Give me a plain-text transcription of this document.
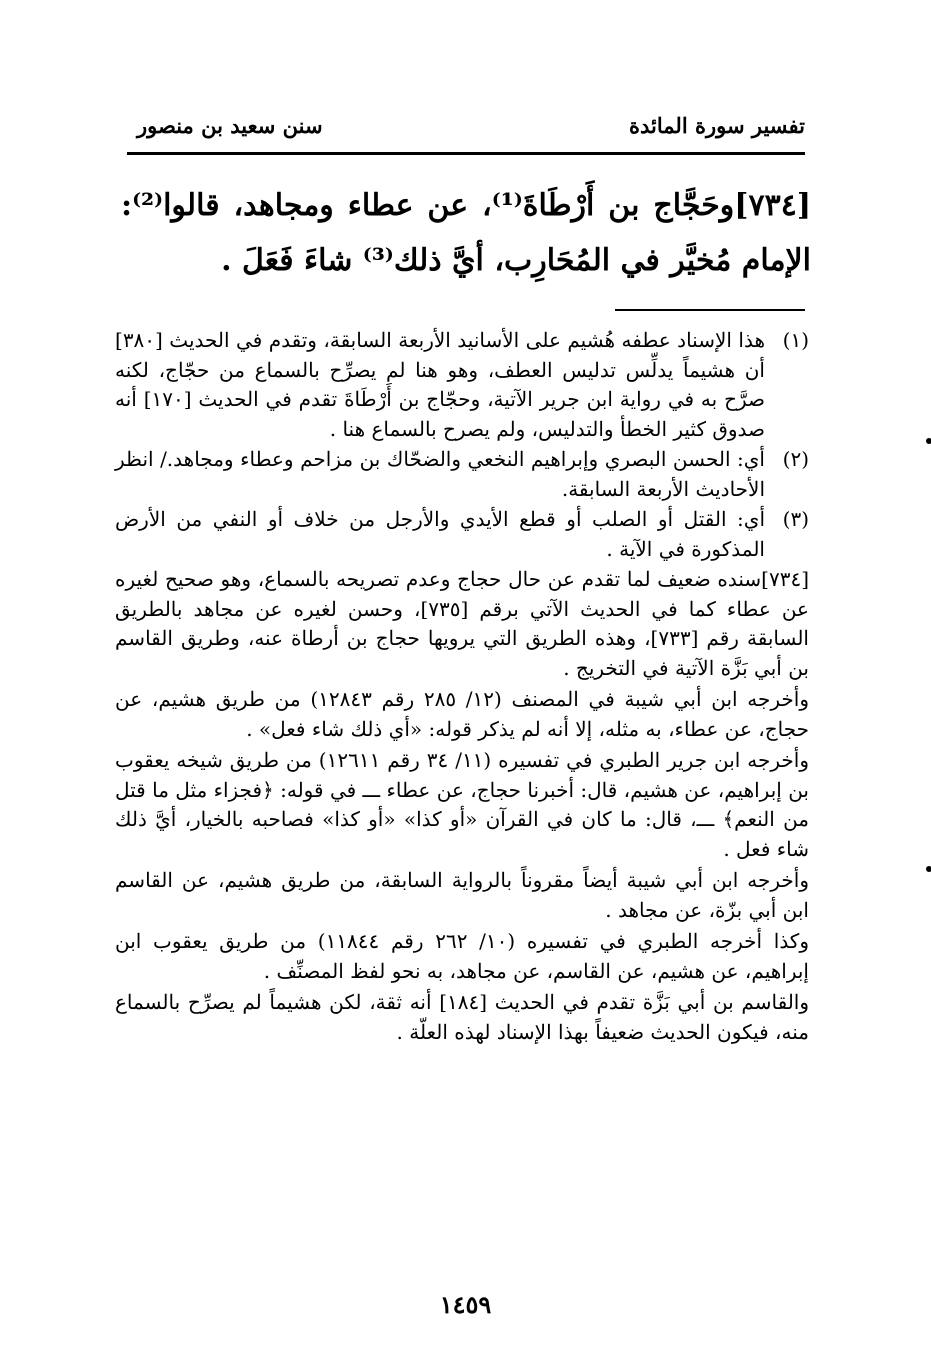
تفسير سورة المائدة
سنن سعيد بن منصور
[٧٣٤]وحَجَّاج بن أَرْطَاةَ⁽¹⁾، عن عطاء ومجاهد، قالوا⁽²⁾: الإمام مُخيَّر في المُحَارِب، أيَّ ذلك⁽³⁾ شاءَ فَعَلَ .
(١)
هذا الإسناد عطفه هُشيم على الأسانيد الأربعة السابقة، وتقدم في الحديث [٣٨٠] أن هشيماً يدلِّس تدليس العطف، وهو هنا لم يصرِّح بالسماع من حجّاج، لكنه صرَّح به في رواية ابن جرير الآتية، وحجّاج بن أَرْطَاةَ تقدم في الحديث [١٧٠] أنه صدوق كثير الخطأ والتدليس، ولم يصرح بالسماع هنا .
(٢)
أي: الحسن البصري وإبراهيم النخعي والضحّاك بن مزاحم وعطاء ومجاهد./ انظر الأحاديث الأربعة السابقة.
(٣)
أي: القتل أو الصلب أو قطع الأيدي والأرجل من خلاف أو النفي من الأرض المذكورة في الآية .

[٧٣٤]سنده ضعيف لما تقدم عن حال حجاج وعدم تصريحه بالسماع، وهو صحيح لغيره عن عطاء كما في الحديث الآتي برقم [٧٣٥]، وحسن لغيره عن مجاهد بالطريق السابقة رقم [٧٣٣]، وهذه الطريق التي يرويها حجاج بن أرطاة عنه، وطريق القاسم بن أبي بَزَّة الآتية في التخريج .

وأخرجه ابن أبي شيبة في المصنف (١٢/ ٢٨٥ رقم ١٢٨٤٣) من طريق هشيم، عن حجاج، عن عطاء، به مثله، إلا أنه لم يذكر قوله: «أي ذلك شاء فعل» .

وأخرجه ابن جرير الطبري في تفسيره (١١/ ٣٤ رقم ١٢٦١١) من طريق شيخه يعقوب بن إبراهيم، عن هشيم، قال: أخبرنا حجاج، عن عطاء ـــ في قوله: ﴿فجزاء مثل ما قتل من النعم﴾ ـــ، قال: ما كان في القرآن «أو كذا» «أو كذا» فصاحبه بالخيار، أيَّ ذلك شاء فعل .

وأخرجه ابن أبي شيبة أيضاً مقروناً بالرواية السابقة، من طريق هشيم، عن القاسم ابن أبي بزّة، عن مجاهد .

وكذا أخرجه الطبري في تفسيره (١٠/ ٢٦٢ رقم ١١٨٤٤) من طريق يعقوب ابن إبراهيم، عن هشيم، عن القاسم، عن مجاهد، به نحو لفظ المصنِّف .

والقاسم بن أبي بَزَّة تقدم في الحديث [١٨٤] أنه ثقة، لكن هشيماً لم يصرِّح بالسماع منه، فيكون الحديث ضعيفاً بهذا الإسناد لهذه العلّة .

١٤٥٩
